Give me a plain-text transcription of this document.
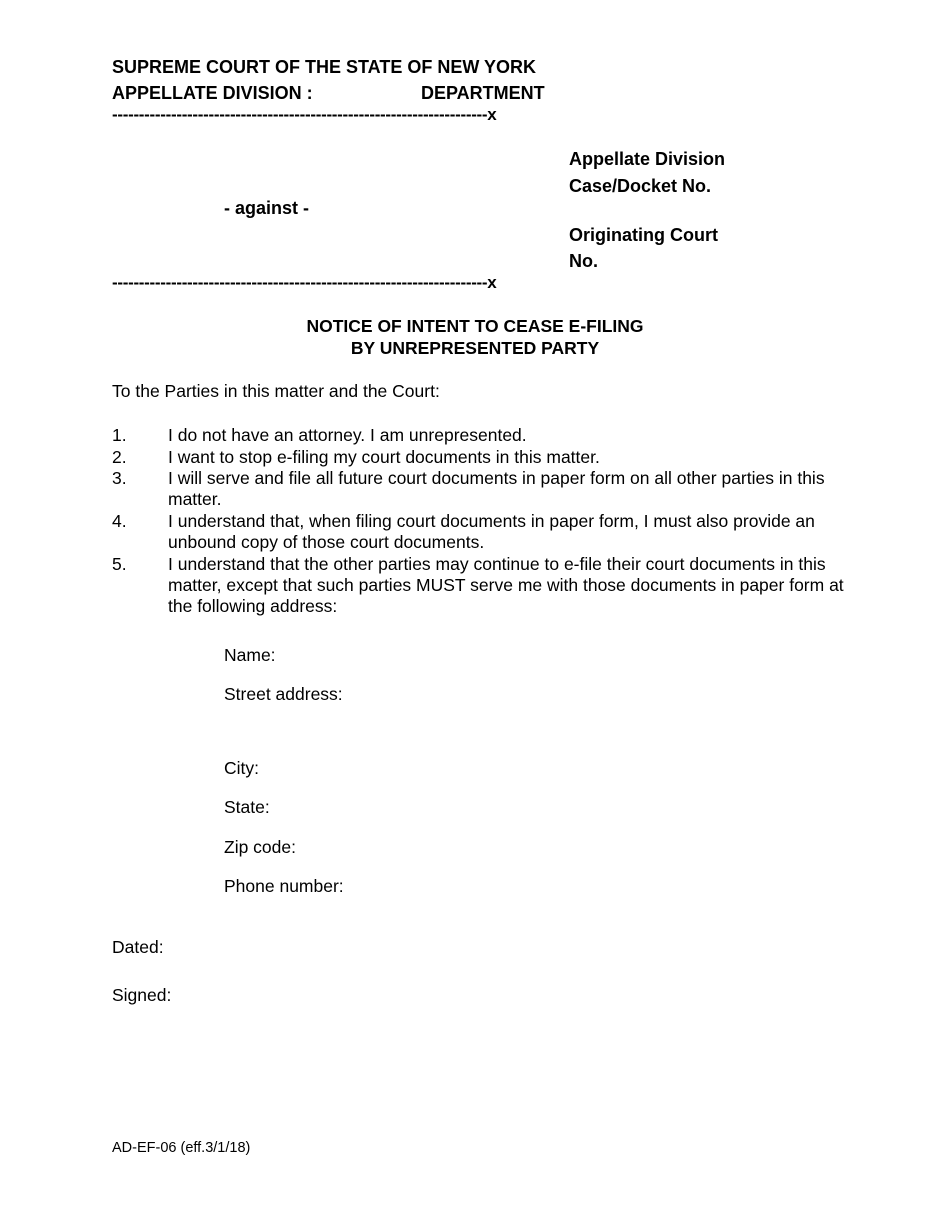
SUPREME COURT OF THE STATE OF NEW YORK
APPELLATE DIVISION :	DEPARTMENT
----------------------------------------------------------------------x
Appellate Division
Case/Docket No.
- against -
Originating Court
No.
----------------------------------------------------------------------x
NOTICE OF INTENT TO CEASE E-FILING
BY UNREPRESENTED PARTY
To the Parties in this matter and the Court:
1. I do not have an attorney. I am unrepresented.
2. I want to stop e-filing my court documents in this matter.
3. I will serve and file all future court documents in paper form on all other parties in this matter.
4. I understand that, when filing court documents in paper form, I must also provide an unbound copy of those court documents.
5. I understand that the other parties may continue to e-file their court documents in this matter, except that such parties MUST serve me with those documents in paper form at the following address:
Name:
Street address:
City:
State:
Zip code:
Phone number:
Dated:
Signed:
AD-EF-06 (eff.3/1/18)
